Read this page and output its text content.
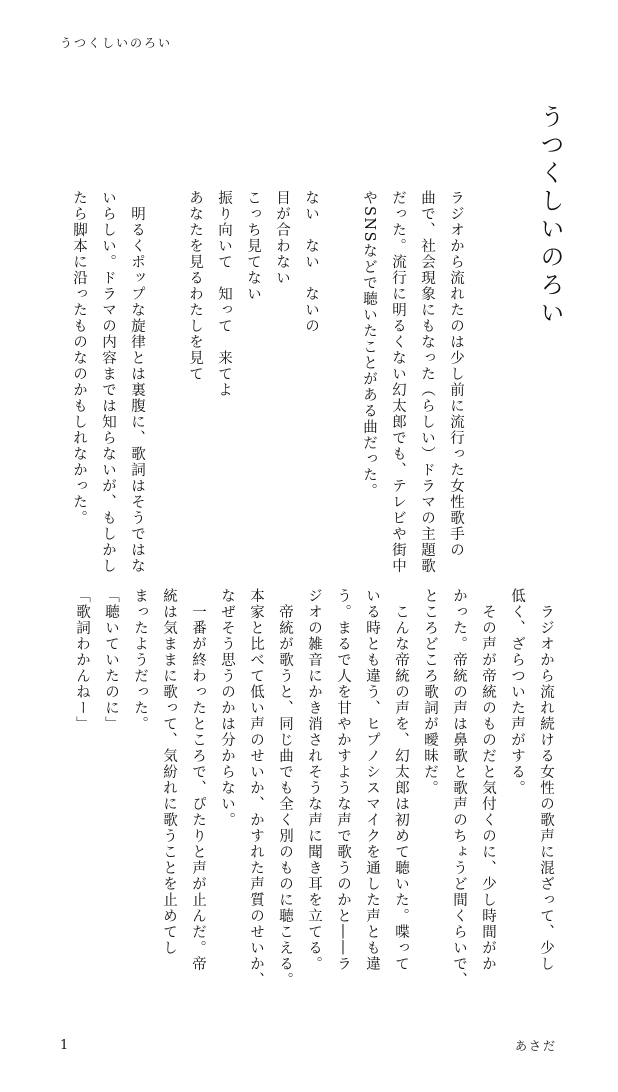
うつくしいのろい
うつくしいのろい
ラジオから流れたのは少し前に流行った女性歌手の
曲で、社会現象にもなった（らしい）ドラマの主題歌
だった。流行に明るくない幻太郎でも、テレビや街中
やSNSなどで聴いたことがある曲だった。

ない　ない　ないの
目が合わない
こっち見てない
振り向いて　知って　来てよ
あなたを見るわたしを見て

　明るくポップな旋律とは裏腹に、歌詞はそうではな
いらしい。ドラマの内容までは知らないが、もしかし
たら脚本に沿ったものなのかもしれなかった。
　ラジオから流れ続ける女性の歌声に混ざって、少し
低く、ざらついた声がする。
　その声が帝統のものだと気付くのに、少し時間がか
かった。帝統の声は鼻歌と歌声のちょうど間くらいで、
ところどころ歌詞が曖昧だ。
　こんな帝統の声を、幻太郎は初めて聴いた。喋って
いる時とも違う、ヒプノシスマイクを通した声とも違
う。まるで人を甘やかすような声で歌うのかと――ラ
ジオの雑音にかき消されそうな声に聞き耳を立てる。
　帝統が歌うと、同じ曲でも全く別のものに聴こえる。
本家と比べて低い声のせいか、かすれた声質のせいか、
なぜそう思うのかは分からない。
　一番が終わったところで、ぴたりと声が止んだ。帝
統は気ままに歌って、気紛れに歌うことを止めてし
まったようだった。
「聴いていたのに」
「歌詞わかんねー」
1	あさだ
